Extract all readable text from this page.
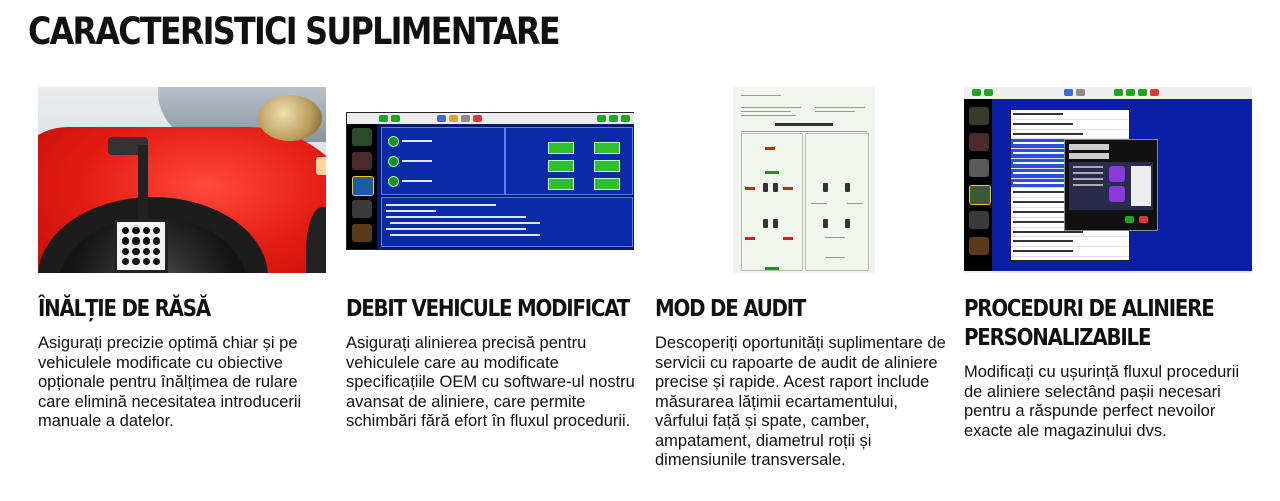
CARACTERISTICI SUPLIMENTARE
ÎNĂLȚIE DE RĂSĂ

Asigurați precizie optimă chiar și pe vehiculele modificate cu obiective opționale pentru înălțimea de rulare care elimină necesitatea introducerii manuale a datelor.

DEBIT VEHICULE MODIFICAT

Asigurați alinierea precisă pentru vehiculele care au modificate specificațiile OEM cu software-ul nostru avansat de aliniere, care permite schimbări fără efort în fluxul procedurii.

MOD DE AUDIT

Descoperiți oportunități suplimentare de servicii cu rapoarte de audit de aliniere precise și rapide. Acest raport include măsurarea lățimii ecartamentului, vârfului față și spate, camber, ampatament, diametrul roții și dimensiunile transversale.

PROCEDURI DE ALINIERE PERSONALIZABILE

Modificați cu ușurință fluxul procedurii de aliniere selectând pașii necesari pentru a răspunde perfect nevoilor exacte ale magazinului dvs.
